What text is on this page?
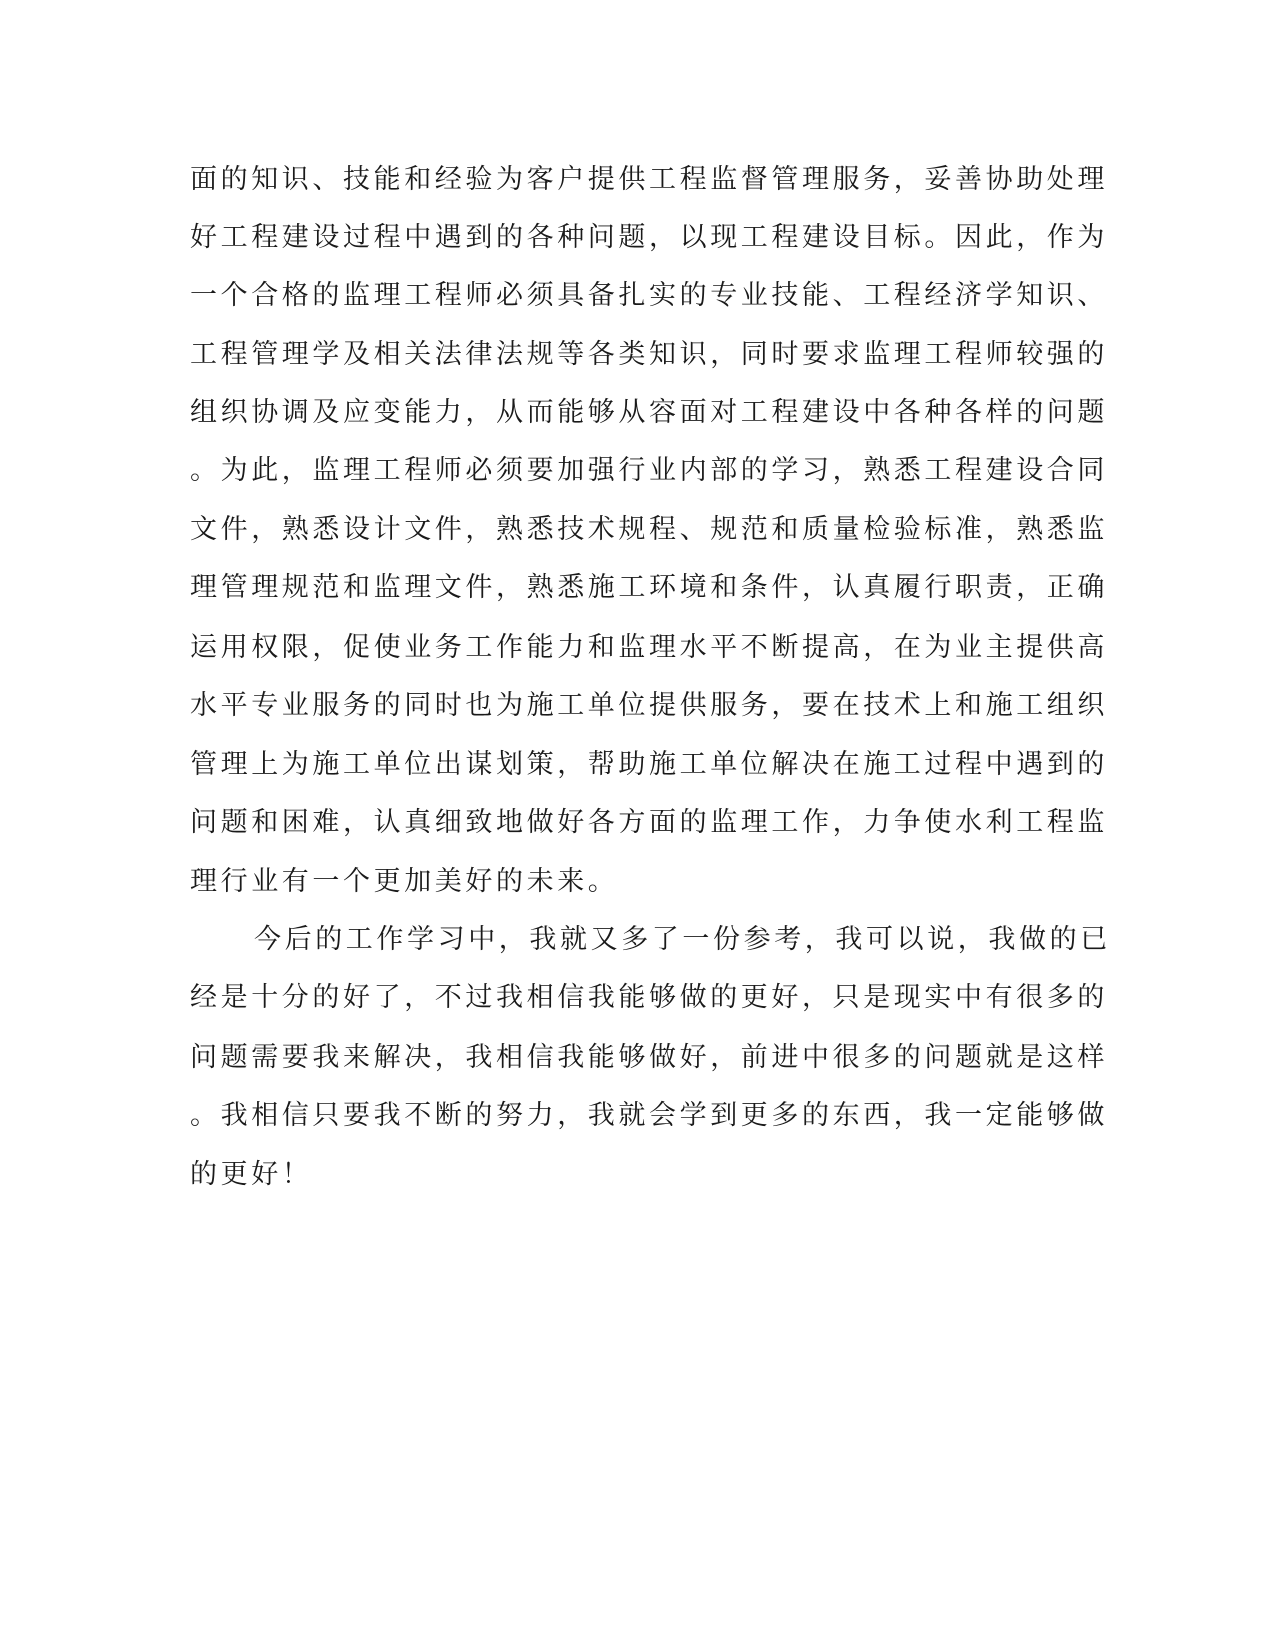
面的知识、技能和经验为客户提供工程监督管理服务，妥善协助处理
好工程建设过程中遇到的各种问题，以现工程建设目标。因此，作为
一个合格的监理工程师必须具备扎实的专业技能、工程经济学知识、
工程管理学及相关法律法规等各类知识，同时要求监理工程师较强的
组织协调及应变能力，从而能够从容面对工程建设中各种各样的问题
。为此，监理工程师必须要加强行业内部的学习，熟悉工程建设合同
文件，熟悉设计文件，熟悉技术规程、规范和质量检验标准，熟悉监
理管理规范和监理文件，熟悉施工环境和条件，认真履行职责，正确
运用权限，促使业务工作能力和监理水平不断提高，在为业主提供高
水平专业服务的同时也为施工单位提供服务，要在技术上和施工组织
管理上为施工单位出谋划策，帮助施工单位解决在施工过程中遇到的
问题和困难，认真细致地做好各方面的监理工作，力争使水利工程监
理行业有一个更加美好的未来。
今后的工作学习中，我就又多了一份参考，我可以说，我做的已
经是十分的好了，不过我相信我能够做的更好，只是现实中有很多的
问题需要我来解决，我相信我能够做好，前进中很多的问题就是这样
。我相信只要我不断的努力，我就会学到更多的东西，我一定能够做
的更好！
